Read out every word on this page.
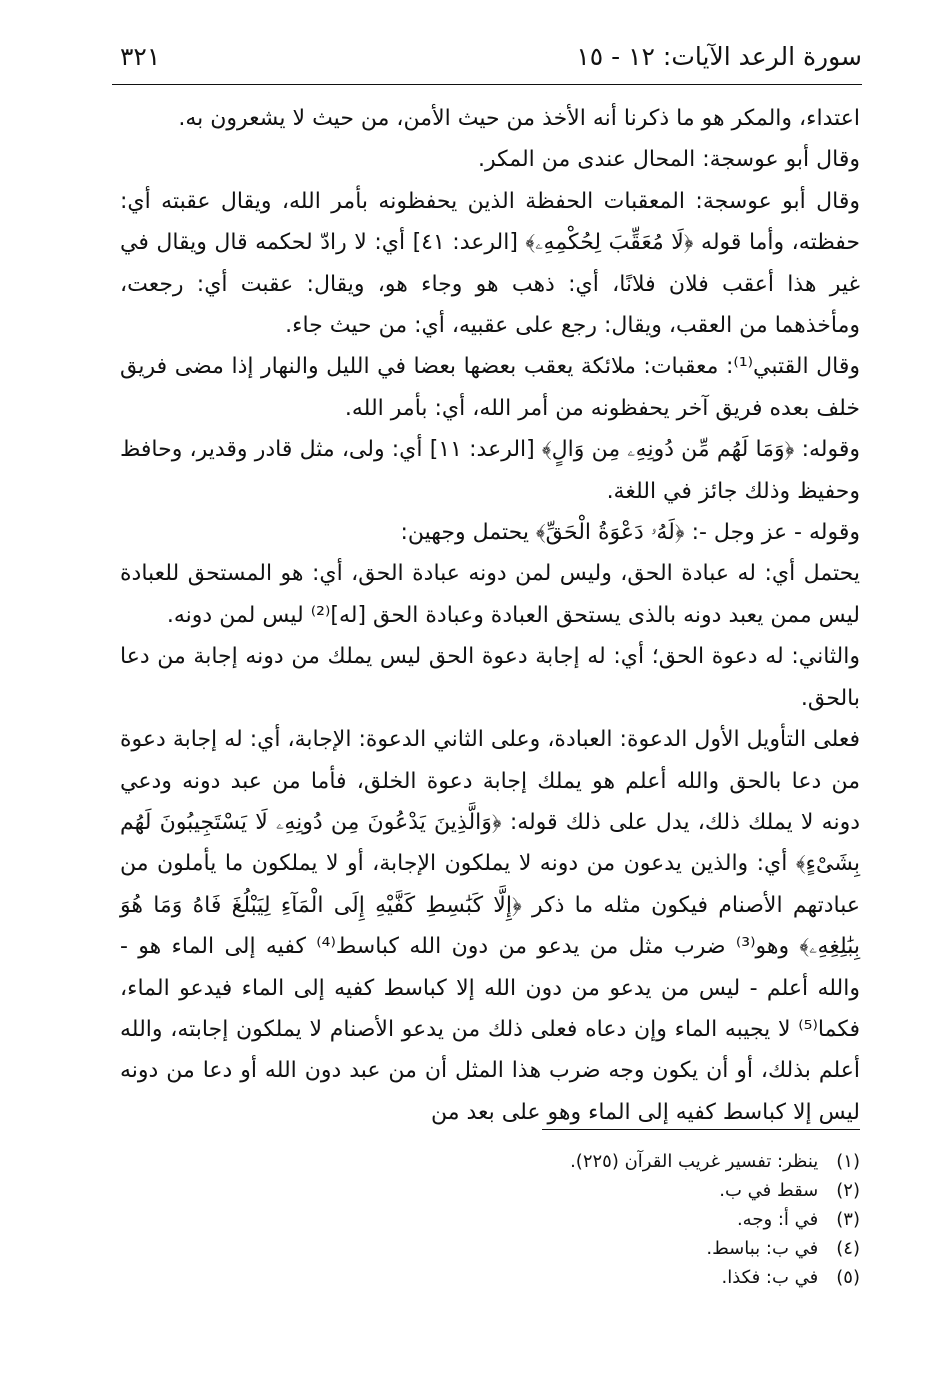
سورة الرعد الآيات: ١٢ - ١٥
٣٢١

اعتداء، والمكر هو ما ذكرنا أنه الأخذ من حيث الأمن، من حيث لا يشعرون به.

وقال أبو عوسجة: المحال عندى من المكر.

وقال أبو عوسجة: المعقبات الحفظة الذين يحفظونه بأمر الله، ويقال عقبته أي: حفظته، وأما قوله ﴿لَا مُعَقِّبَ لِحُكْمِهِۦ﴾ [الرعد: ٤١] أي: لا رادّ لحكمه قال ويقال في غير هذا أعقب فلان فلانًا، أي: ذهب هو وجاء هو، ويقال: عقبت أي: رجعت، ومأخذهما من العقب، ويقال: رجع على عقبيه، أي: من حيث جاء.

وقال القتبي⁽¹⁾: معقبات: ملائكة يعقب بعضها بعضا في الليل والنهار إذا مضى فريق خلف بعده فريق آخر يحفظونه من أمر الله، أي: بأمر الله.

وقوله: ﴿وَمَا لَهُم مِّن دُونِهِۦ مِن وَالٍ﴾ [الرعد: ١١] أي: ولى، مثل قادر وقدير، وحافظ وحفيظ وذلك جائز في اللغة.

وقوله - عز وجل -: ﴿لَهُۥ دَعْوَةُ الْحَقِّ﴾ يحتمل وجهين:

يحتمل أي: له عبادة الحق، وليس لمن دونه عبادة الحق، أي: هو المستحق للعبادة ليس ممن يعبد دونه بالذى يستحق العبادة وعبادة الحق [له]⁽²⁾ ليس لمن دونه.

والثاني: له دعوة الحق؛ أي: له إجابة دعوة الحق ليس يملك من دونه إجابة من دعا بالحق.

فعلى التأويل الأول الدعوة: العبادة، وعلى الثاني الدعوة: الإجابة، أي: له إجابة دعوة من دعا بالحق والله أعلم هو يملك إجابة دعوة الخلق، فأما من عبد دونه ودعي دونه لا يملك ذلك، يدل على ذلك قوله: ﴿وَالَّذِينَ يَدْعُونَ مِن دُونِهِۦ لَا يَسْتَجِيبُونَ لَهُم بِشَىْءٍ﴾ أي: والذين يدعون من دونه لا يملكون الإجابة، أو لا يملكون ما يأملون من عبادتهم الأصنام فيكون مثله ما ذكر ﴿إِلَّا كَبَٰسِطِ كَفَّيْهِ إِلَى الْمَآءِ لِيَبْلُغَ فَاهُ وَمَا هُوَ بِبَٰلِغِهِۦ﴾ وهو⁽³⁾ ضرب مثل من يدعو من دون الله كباسط⁽⁴⁾ كفيه إلى الماء هو - والله أعلم - ليس من يدعو من دون الله إلا كباسط كفيه إلى الماء فيدعو الماء، فكما⁽⁵⁾ لا يجيبه الماء وإن دعاه فعلى ذلك من يدعو الأصنام لا يملكون إجابته، والله أعلم بذلك، أو أن يكون وجه ضرب هذا المثل أن من عبد دون الله أو دعا من دونه ليس إلا كباسط كفيه إلى الماء وهو على بعد من

(١) ينظر: تفسير غريب القرآن (٢٢٥).
(٢) سقط في ب.
(٣) في أ: وجه.
(٤) في ب: بباسط.
(٥) في ب: فكذا.
